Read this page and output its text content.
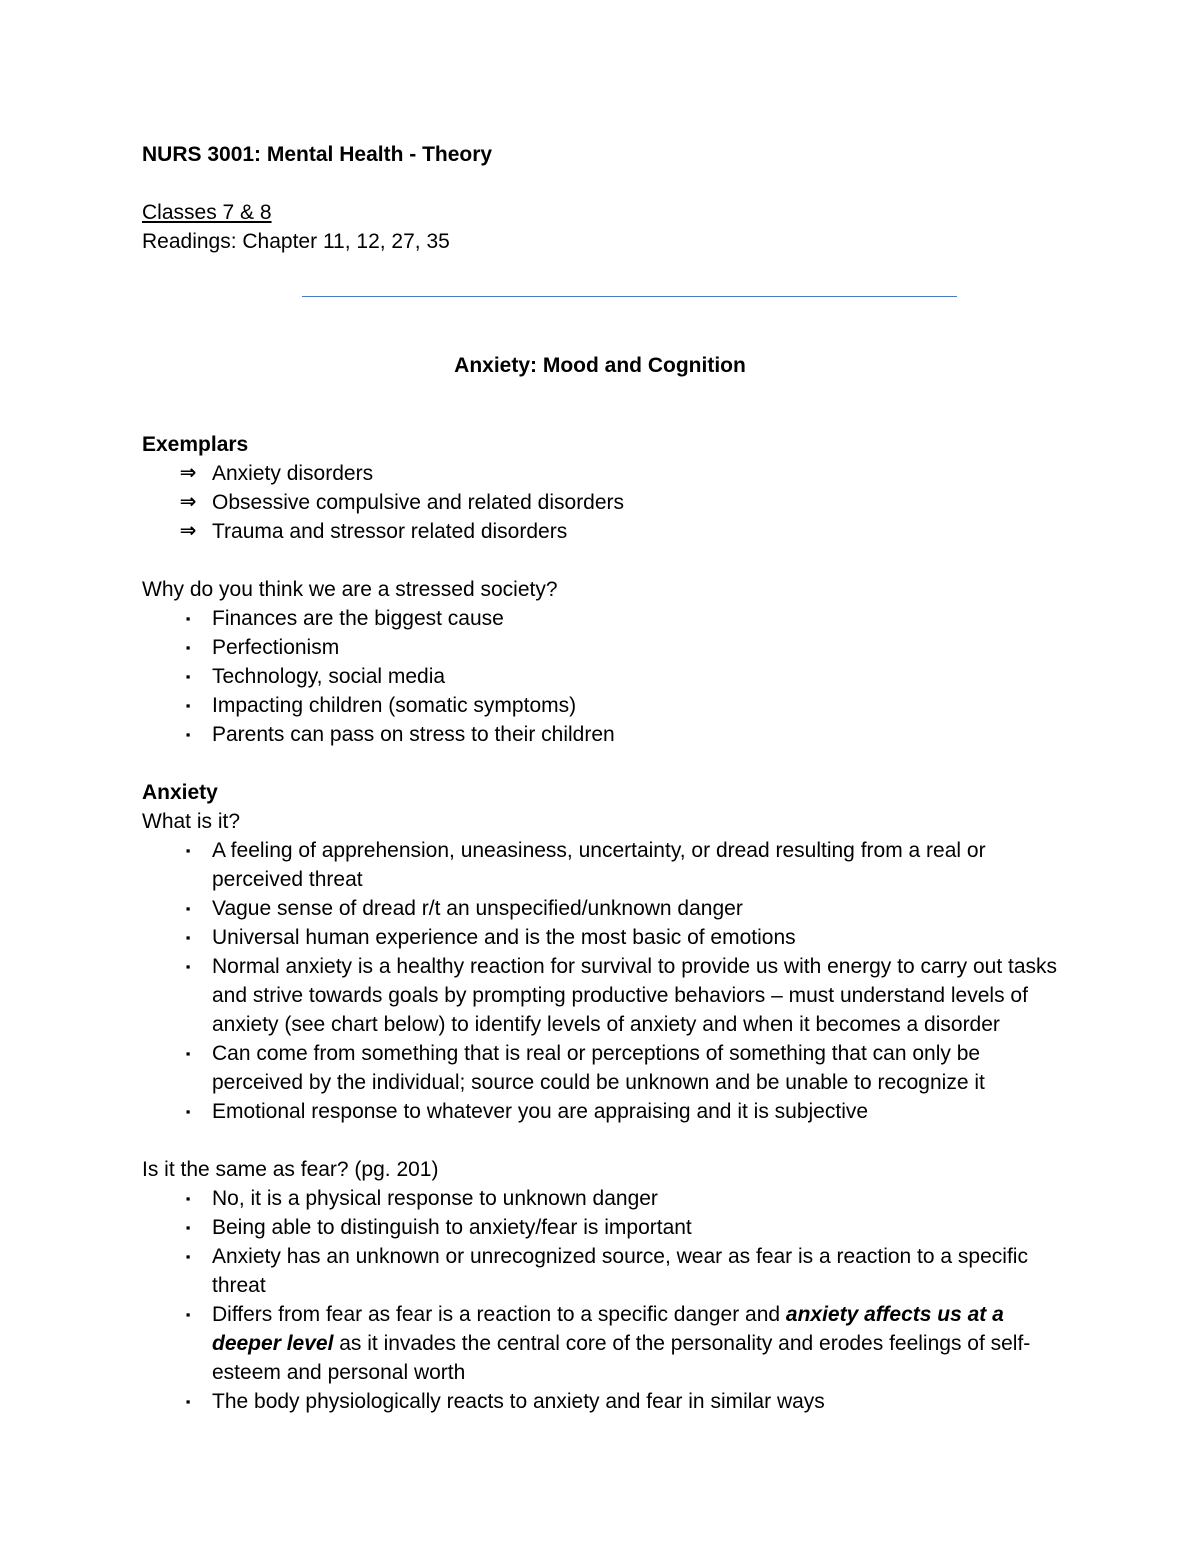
NURS 3001: Mental Health - Theory

Classes 7 & 8

Readings: Chapter 11, 12, 27, 35

Anxiety: Mood and Cognition

Exemplars

⇒ Anxiety disorders
⇒ Obsessive compulsive and related disorders
⇒ Trauma and stressor related disorders

Why do you think we are a stressed society?

▪	Finances are the biggest cause
▪	Perfectionism
▪	Technology, social media
▪	Impacting children (somatic symptoms)
▪	Parents can pass on stress to their children

Anxiety

What is it?

▪	A feeling of apprehension, uneasiness, uncertainty, or dread resulting from a real or perceived threat
▪	Vague sense of dread r/t an unspecified/unknown danger
▪	Universal human experience and is the most basic of emotions
▪	Normal anxiety is a healthy reaction for survival to provide us with energy to carry out tasks and strive towards goals by prompting productive behaviors – must understand levels of anxiety (see chart below) to identify levels of anxiety and when it becomes a disorder
▪	Can come from something that is real or perceptions of something that can only be perceived by the individual; source could be unknown and be unable to recognize it
▪	Emotional response to whatever you are appraising and it is subjective

Is it the same as fear? (pg. 201)

▪	No, it is a physical response to unknown danger
▪	Being able to distinguish to anxiety/fear is important
▪	Anxiety has an unknown or unrecognized source, wear as fear is a reaction to a specific threat
▪	Differs from fear as fear is a reaction to a specific danger and anxiety affects us at a deeper level as it invades the central core of the personality and erodes feelings of self-esteem and personal worth
▪	The body physiologically reacts to anxiety and fear in similar ways
